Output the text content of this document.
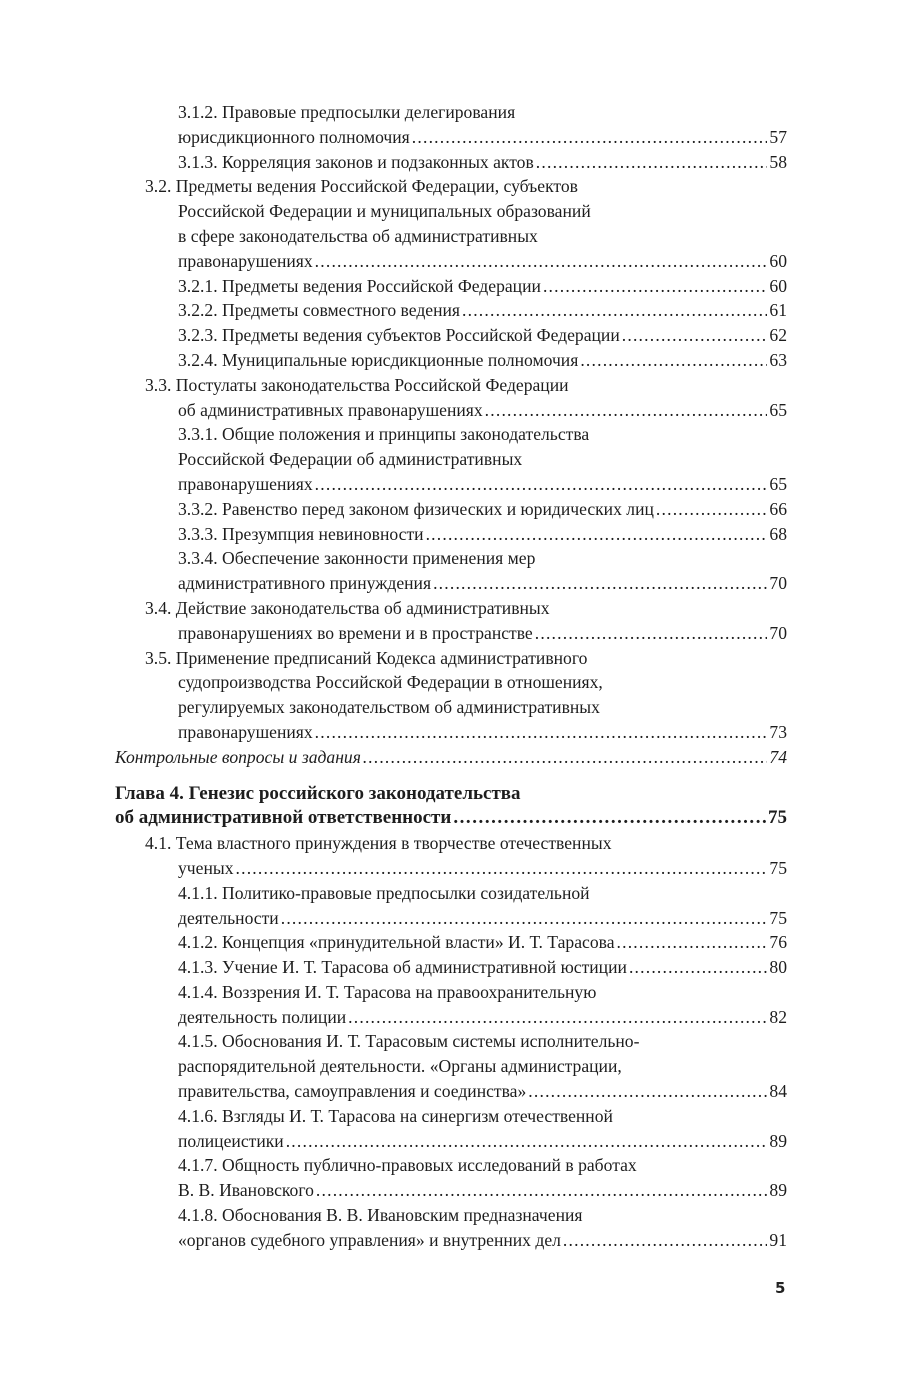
3.1.2. Правовые предпосылки делегирования
юрисдикционного полномочия . . .	57
3.1.3. Корреляция законов и подзаконных актов . . .	58
3.2. Предметы ведения Российской Федерации, субъектов
Российской Федерации и муниципальных образований
в сфере законодательства об административных
правонарушениях . . .	60
3.2.1. Предметы ведения Российской Федерации . . .	60
3.2.2. Предметы совместного ведения . . .	61
3.2.3. Предметы ведения субъектов Российской Федерации . . .	62
3.2.4. Муниципальные юрисдикционные полномочия . . .	63
3.3. Постулаты законодательства Российской Федерации
об административных правонарушениях . . .	65
3.3.1. Общие положения и принципы законодательства
Российской Федерации об административных
правонарушениях . . .	65
3.3.2. Равенство перед законом физических и юридических лиц . . .	66
3.3.3. Презумпция невиновности . . .	68
3.3.4. Обеспечение законности применения мер
административного принуждения . . .	70
3.4. Действие законодательства об административных
правонарушениях во времени и в пространстве . . .	70
3.5. Применение предписаний Кодекса административного
судопроизводства Российской Федерации в отношениях,
регулируемых законодательством об административных
правонарушениях . . .	73
Контрольные вопросы и задания . . .	74
Глава 4. Генезис российского законодательства
об административной ответственности . . .	75
4.1. Тема властного принуждения в творчестве отечественных
ученых . . .	75
4.1.1. Политико-правовые предпосылки созидательной
деятельности . . .	75
4.1.2. Концепция «принудительной власти» И. Т. Тарасова . . .	76
4.1.3. Учение И. Т. Тарасова об административной юстиции . . .	80
4.1.4. Воззрения И. Т. Тарасова на правоохранительную
деятельность полиции . . .	82
4.1.5. Обоснования И. Т. Тарасовым системы исполнительно-
распорядительной деятельности. «Органы администрации,
правительства, самоуправления и соединства» . . .	84
4.1.6. Взгляды И. Т. Тарасова на синергизм отечественной
полицеистики . . .	89
4.1.7. Общность публично-правовых исследований в работах
В. В. Ивановского . . .	89
4.1.8. Обоснования В. В. Ивановским предназначения
«органов судебного управления» и внутренних дел . . .	91
5
